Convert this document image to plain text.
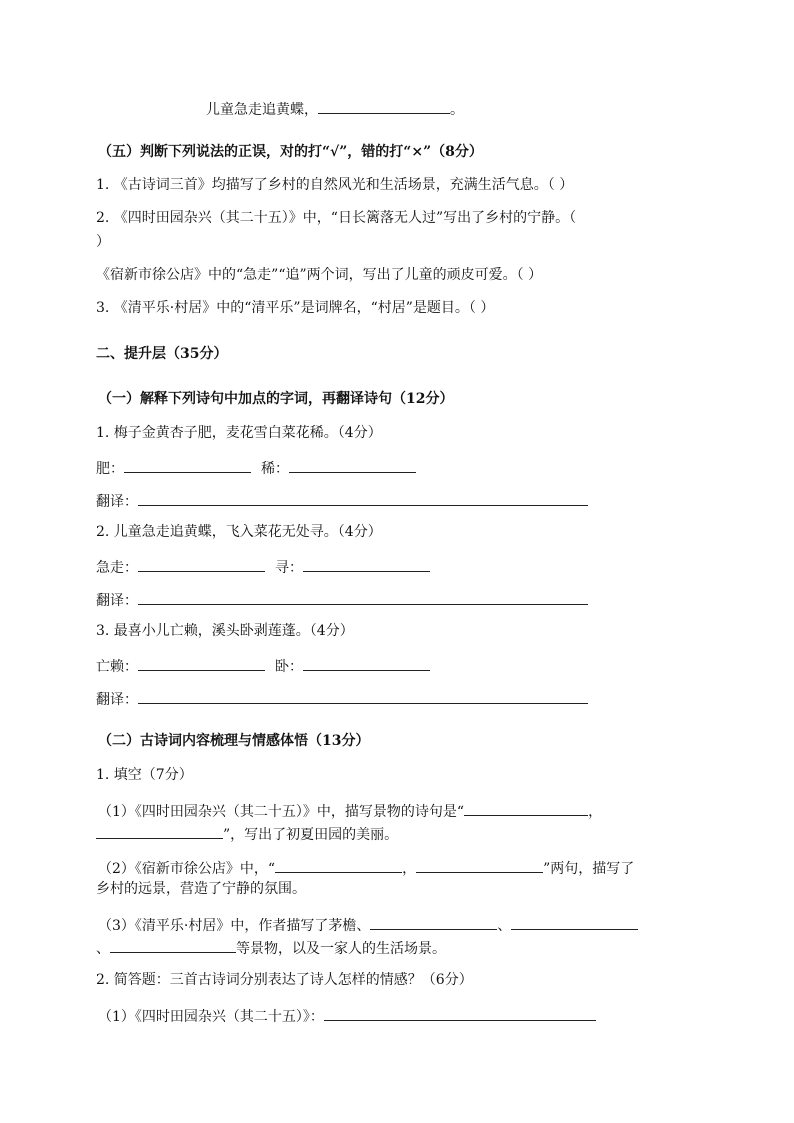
儿童急走追黄蝶，	。
（五）判断下列说法的正误，对的打“√”，错的打“×”（8分）
1. 《古诗词三首》均描写了乡村的自然风光和生活场景，充满生活气息。（ ）
2. 《四时田园杂兴（其二十五）》中，“日长篱落无人过”写出了乡村的宁静。（
）
《宿新市徐公店》中的“急走”“追”两个词，写出了儿童的顽皮可爱。（ ）
3. 《清平乐·村居》中的“清平乐”是词牌名，“村居”是题目。（ ）
二、提升层（35分）
（一）解释下列诗句中加点的字词，再翻译诗句（12分）
1. 梅子金黄杏子肥，麦花雪白菜花稀。（4分）
肥：	稀：
翻译：
2. 儿童急走追黄蝶，飞入菜花无处寻。（4分）
急走：	寻：
翻译：
3. 最喜小儿亡赖，溪头卧剥莲蓬。（4分）
亡赖：	卧：
翻译：
（二）古诗词内容梳理与情感体悟（13分）
1. 填空（7分）
（1）《四时田园杂兴（其二十五）》中，描写景物的诗句是“	，
”，写出了初夏田园的美丽。
（2）《宿新市徐公店》中，“	，	”两句，描写了
乡村的远景，营造了宁静的氛围。
（3）《清平乐·村居》中，作者描写了茅檐、	、
、	等景物，以及一家人的生活场景。
2. 简答题：三首古诗词分别表达了诗人怎样的情感？（6分）
（1）《四时田园杂兴（其二十五）》：
